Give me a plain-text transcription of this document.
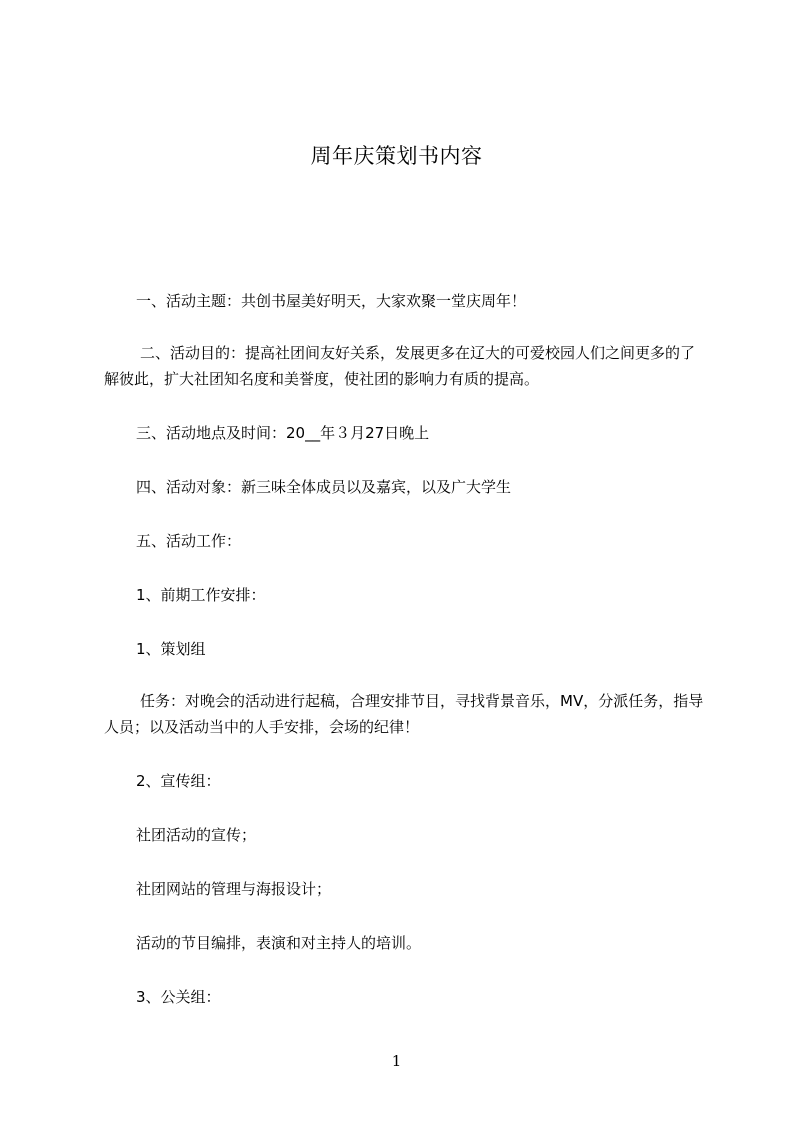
周年庆策划书内容
一、活动主题：共创书屋美好明天，大家欢聚一堂庆周年！
二、活动目的：提高社团间友好关系，发展更多在辽大的可爱校园人们之间更多的了解彼此，扩大社团知名度和美誉度，使社团的影响力有质的提高。
三、活动地点及时间：20__年３月27日晚上
四、活动对象：新三味全体成员以及嘉宾，以及广大学生
五、活动工作：
1、前期工作安排：
1、策划组
任务：对晚会的活动进行起稿，合理安排节目，寻找背景音乐，MV，分派任务，指导人员；以及活动当中的人手安排，会场的纪律！
2、宣传组：
社团活动的宣传；
社团网站的管理与海报设计；
活动的节目编排，表演和对主持人的培训。
3、公关组：
1
